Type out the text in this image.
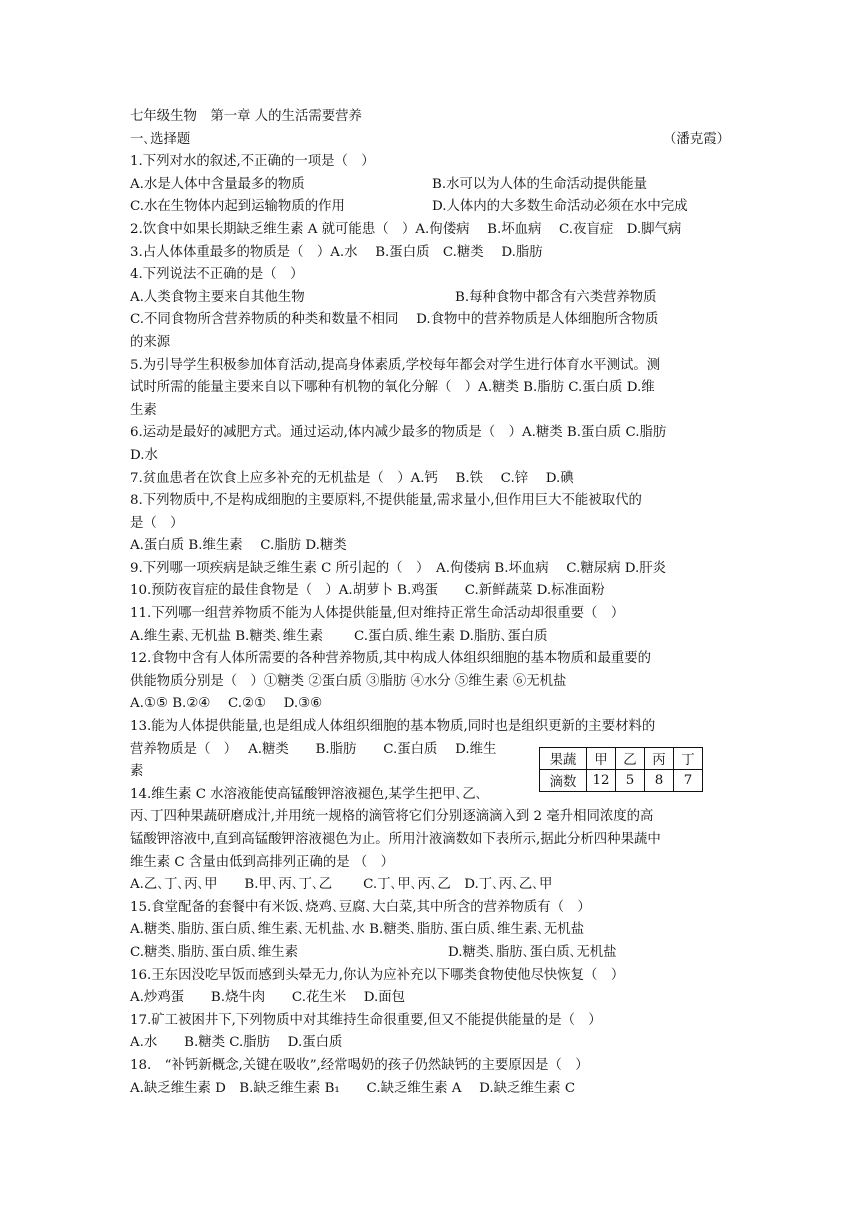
七年级生物　第一章 人的生活需要营养
一､选择题	（潘克霞）
1.下列对水的叙述,不正确的一项是（　）
A.水是人体中含量最多的物质	B.水可以为人体的生命活动提供能量
C.水在生物体内起到运输物质的作用	D.人体内的大多数生命活动必须在水中完成
2.饮食中如果长期缺乏维生素 A 就可能患（　）A.佝偻病　 B.坏血病　 C.夜盲症　D.脚气病
3.占人体体重最多的物质是（　）A.水　 B.蛋白质　C.糖类　 D.脂肪
4.下列说法不正确的是（　）
A.人类食物主要来自其他生物	B.每种食物中都含有六类营养物质
C.不同食物所含营养物质的种类和数量不相同　 D.食物中的营养物质是人体细胞所含物质
的来源
5.为引导学生积极参加体育活动,提高身体素质,学校每年都会对学生进行体育水平测试。测
试时所需的能量主要来自以下哪种有机物的氧化分解（　）A.糖类 B.脂肪 C.蛋白质 D.维
生素
6.运动是最好的减肥方式。通过运动,体内减少最多的物质是（　）A.糖类 B.蛋白质 C.脂肪
D.水
7.贫血患者在饮食上应多补充的无机盐是（　）A.钙　 B.铁　 C.锌　 D.碘
8.下列物质中,不是构成细胞的主要原料,不提供能量,需求量小,但作用巨大不能被取代的
是（　）
A.蛋白质 B.维生素　 C.脂肪 D.糖类
9.下列哪一项疾病是缺乏维生素 C 所引起的（　）　A.佝偻病 B.坏血病　 C.糖尿病 D.肝炎
10.预防夜盲症的最佳食物是（　）A.胡萝卜 B.鸡蛋　　C.新鲜蔬菜 D.标准面粉
11.下列哪一组营养物质不能为人体提供能量,但对维持正常生命活动却很重要（　）
A.维生素､无机盐 B.糖类､维生素　　 C.蛋白质､维生素 D.脂肪､蛋白质
12.食物中含有人体所需要的各种营养物质,其中构成人体组织细胞的基本物质和最重要的
供能物质分别是（　）①糖类 ②蛋白质 ③脂肪 ④水分 ⑤维生素 ⑥无机盐
A.①⑤ B.②④　 C.②①　 D.③⑥
13.能为人体提供能量,也是组成人体组织细胞的基本物质,同时也是组织更新的主要材料的
营养物质是（　）　 A.糖类　　B.脂肪　　C.蛋白质　 D.维生
素
14.维生素 C 水溶液能使高锰酸钾溶液褪色,某学生把甲､乙､
丙､丁四种果蔬研磨成汁,并用统一规格的滴管将它们分别逐滴滴入到 2 毫升相同浓度的高
锰酸钾溶液中,直到高锰酸钾溶液褪色为止。所用汁液滴数如下表所示,据此分析四种果蔬中
维生素 C 含量由低到高排列正确的是 （　）
A.乙､丁､丙､甲　　B.甲､丙､丁､乙　　 C.丁､甲､丙､乙　D.丁､丙､乙､甲
15.食堂配备的套餐中有米饭､烧鸡､豆腐､大白菜,其中所含的营养物质有（　）
A.糖类､脂肪､蛋白质､维生素､无机盐､水 B.糖类､脂肪､蛋白质､维生素､无机盐
C.糖类､脂肪､蛋白质､维生素	D.糖类､脂肪､蛋白质､无机盐
16.王东因没吃早饭而感到头晕无力,你认为应补充以下哪类食物使他尽快恢复（　）
A.炒鸡蛋　　B.烧牛肉　　C.花生米　 D.面包
17.矿工被困井下,下列物质中对其维持生命很重要,但又不能提供能量的是（　）
A.水　　B.糖类 C.脂肪　 D.蛋白质
18.　“补钙新概念,关键在吸收”,经常喝奶的孩子仍然缺钙的主要原因是（　）
A.缺乏维生素 D　B.缺乏维生素 B₁　　C.缺乏维生素 A　 D.缺乏维生素 C
果蔬	甲	乙	丙	丁
滴数	12	5	8	7
